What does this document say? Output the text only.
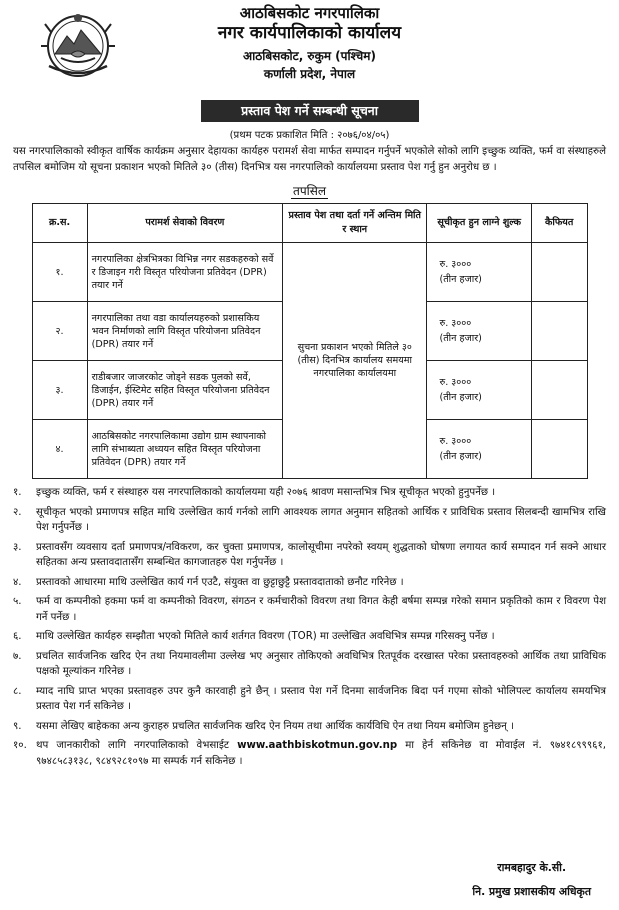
आठबिसकोट नगरपालिका
नगर कार्यपालिकाको कार्यालय
आठबिसकोट, रुकुम (पश्चिम)
कर्णाली प्रदेश, नेपाल
प्रस्ताव पेश गर्ने सम्बन्धी सूचना
(प्रथम पटक प्रकाशित मिति : २०७६/०४/०५)
यस नगरपालिकाको स्वीकृत वार्षिक कार्यक्रम अनुसार देहायका कार्यहरु परामर्श सेवा मार्फत सम्पादन गर्नुपर्ने भएकोले सोको लागि इच्छुक व्यक्ति, फर्म वा संस्थाहरुले तपसिल बमोजिम यो सूचना प्रकाशन भएको मितिले ३० (तीस) दिनभित्र यस नगरपालिको कार्यालयमा प्रस्ताव पेश गर्नु हुन अनुरोध छ ।
तपसिल
क्र.स.	परामर्श सेवाको विवरण	प्रस्ताव पेश तथा दर्ता गर्ने अन्तिम मिति र स्थान	सूचीकृत हुन लाग्ने शुल्क	कैफियत
१.	नगरपालिका क्षेत्रभित्रका विभिन्न नगर सडकहरुको सर्वे र डिजाइन गरी विस्तृत परियोजना प्रतिवेदन (DPR) तयार गर्ने	सुचना प्रकाशन भएको मितिले ३० (तीस) दिनभित्र कार्यालय समयमा नगरपालिका कार्यालयमा	रु. ३०००
(तीन हजार)	

२.	नगरपालिका तथा वडा कार्यालयहरुको प्रशासकिय भवन निर्माणको लागि विस्तृत परियोजना प्रतिवेदन (DPR) तयार गर्ने		रु. ३०००
(तीन हजार)	

३.	राडीबजार जाजरकोट जोड्ने सडक पुलको सर्वे, डिजाईन, ईस्टिमेट सहित विस्तृत परियोजना प्रतिवेदन (DPR) तयार गर्ने		रु. ३०००
(तीन हजार)	

४.	आठबिसकोट नगरपालिकामा उद्योग ग्राम स्थापनाको लागि संभाब्यता अध्ययन सहित विस्तृत परियोजना प्रतिवेदन (DPR) तयार गर्ने		रु. ३०००
(तीन हजार)	

१. इच्छुक व्यक्ति, फर्म र संस्थाहरु यस नगरपालिकाको कार्यालयमा यही २०७६ श्रावण मसान्तभित्र भित्र सूचीकृत भएको हुनुपर्नेछ ।
२. सूचीकृत भएको प्रमाणपत्र सहित माथि उल्लेखित कार्य गर्नको लागि आवश्यक लागत अनुमान सहितको आर्थिक र प्राविधिक प्रस्ताव सिलबन्दी खामभित्र राखि पेश गर्नुपर्नेछ ।
३. प्रस्तावसँग व्यवसाय दर्ता प्रमाणपत्र/नविकरण, कर चुक्ता प्रमाणपत्र, कालोसूचीमा नपरेको स्वयम् शुद्धताको घोषणा लगायत कार्य सम्पादन गर्न सक्ने आधार सहितका अन्य प्रस्तावदातासँग सम्बन्धित कागजातहरु पेश गर्नुपर्नेछ ।
४. प्रस्तावको आधारमा माथि उल्लेखित कार्य गर्न एउटै, संयुक्त वा छुट्टाछुट्टै प्रस्तावदाताको छनौट गरिनेछ ।
५. फर्म वा कम्पनीको हकमा फर्म वा कम्पनीको विवरण, संगठन र कर्मचारीको विवरण तथा विगत केही बर्षमा सम्पन्न गरेको समान प्रकृतिको काम र विवरण पेश गर्ने पर्नेछ ।
६. माथि उल्लेखित कार्यहरु सम्झौता भएको मितिले कार्य शर्तगत विवरण (TOR) मा उल्लेखित अवधिभित्र सम्पन्न गरिसक्नु पर्नेछ ।
७. प्रचलित सार्वजनिक खरिद ऐन तथा नियमावलीमा उल्लेख भए अनुसार तोकिएको अवधिभित्र रितपूर्वक दरखास्त परेका प्रस्तावहरुको आर्थिक तथा प्राविधिक पक्षको मूल्यांकन गरिनेछ ।
८. म्याद नाघि प्राप्त भएका प्रस्तावहरु उपर कुनै कारवाही हुने छैन् । प्रस्ताव पेश गर्ने दिनमा सार्वजनिक बिदा पर्न गएमा सोको भोलिपल्ट कार्यालय समयभित्र प्रस्ताव पेश गर्न सकिनेछ ।
९. यसमा लेखिए बाहेकका अन्य कुराहरु प्रचलित सार्वजनिक खरिद ऐन नियम तथा आर्थिक कार्यविधि ऐन तथा नियम बमोजिम हुनेछन् ।
१०. थप जानकारीको लागि नगरपालिकाको वेभसाईट www.aathbiskotmun.gov.np मा हेर्न सकिनेछ वा मोवाईल नं. ९७४१८९९९६१, ९७४८५८३१३८, ९८४९२८१०९७ मा सम्पर्क गर्न सकिनेछ ।
रामबहादुर के.सी.
नि. प्रमुख प्रशासकीय अधिकृत
